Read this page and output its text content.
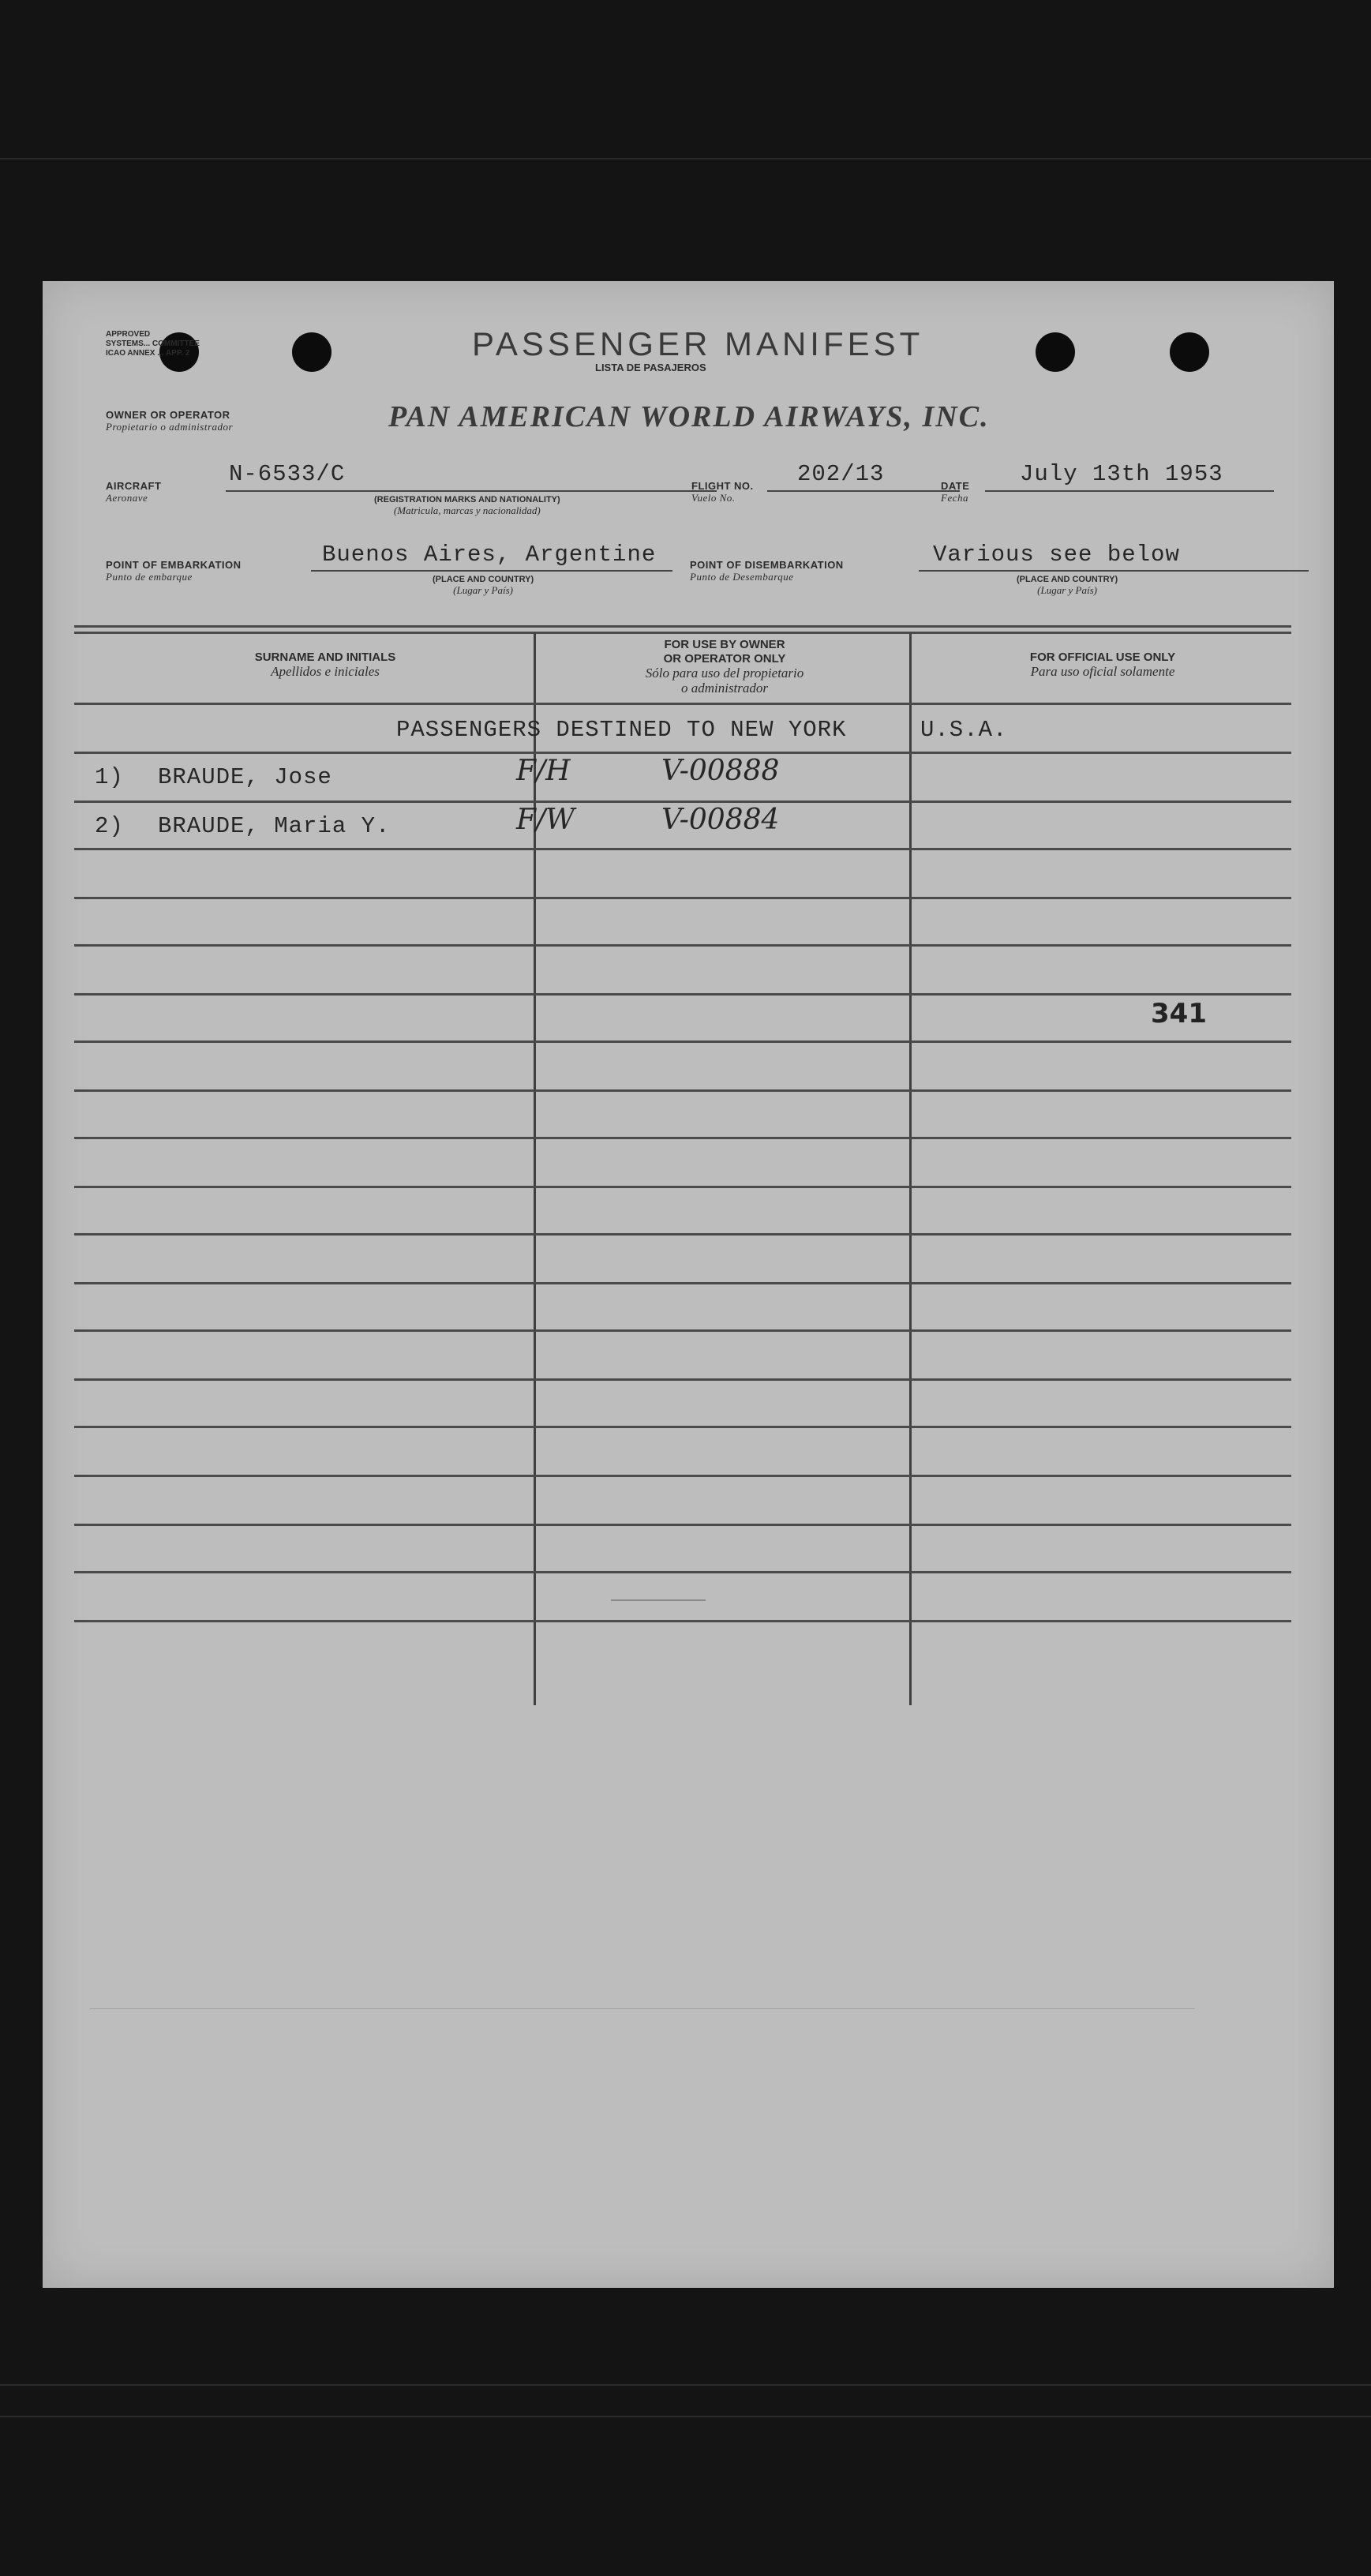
APPROVED
SYSTEMS... COMMITTEE
ICAO ANNEX ... APP. 2	PASSENGER MANIFEST
LISTA DE PASAJEROS
OWNER OR OPERATOR
Propietario o administrador	PAN AMERICAN WORLD AIRWAYS, INC.
AIRCRAFT
Aeronave
N-6533/C
(REGISTRATION MARKS AND NATIONALITY)
(Matricula, marcas y nacionalidad)
FLIGHT NO.
Vuelo No.
202/13	DATE
Fecha
July 13th 1953
POINT OF EMBARKATION
Punto de embarque
Buenos Aires, Argentine
(PLACE AND COUNTRY)
(Lugar y País)
POINT OF DISEMBARKATION
Punto de Desembarque
Various see below
(PLACE AND COUNTRY)
(Lugar y País)
SURNAME AND INITIALS
Apellidos e iniciales
FOR USE BY OWNER
OR OPERATOR ONLY
Sólo para uso del propietario
o administrador
FOR OFFICIAL USE ONLY
Para uso oficial solamente
PASSENGERS DESTINED TO NEW YORK	U.S.A.
1) BRAUDE, Jose	F/H	V-00888
2) BRAUDE, Maria Y.	F/W	V-00884
341
